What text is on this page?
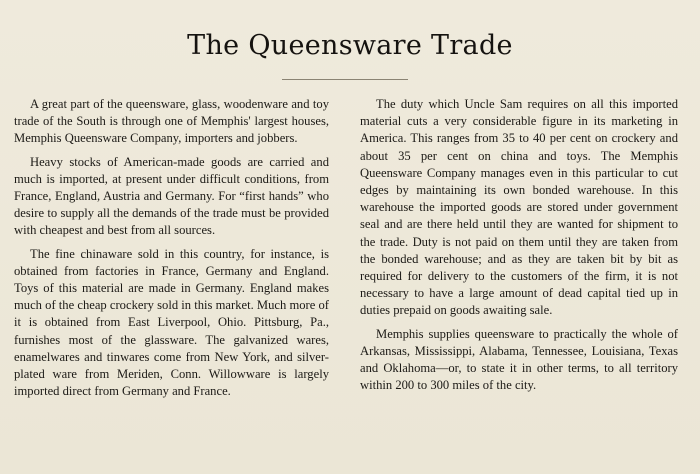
The Queensware Trade

A great part of the queensware, glass, woodenware and toy trade of the South is through one of Memphis' largest houses, Memphis Queensware Company, importers and jobbers.

Heavy stocks of American-made goods are carried and much is imported, at present under difficult conditions, from France, England, Austria and Germany. For “first hands” who desire to supply all the demands of the trade must be provided with cheapest and best from all sources.

The fine chinaware sold in this country, for instance, is obtained from factories in France, Germany and England. Toys of this material are made in Germany. England makes much of the cheap crockery sold in this market. Much more of it is obtained from East Liverpool, Ohio. Pittsburg, Pa., furnishes most of the glassware. The galvanized wares, enamelwares and tinwares come from New York, and silver-plated ware from Meriden, Conn. Willowware is largely imported direct from Germany and France.

The duty which Uncle Sam requires on all this imported material cuts a very considerable figure in its marketing in America. This ranges from 35 to 40 per cent on crockery and about 35 per cent on china and toys. The Memphis Queensware Company manages even in this particular to cut edges by maintaining its own bonded warehouse. In this warehouse the imported goods are stored under government seal and are there held until they are wanted for shipment to the trade. Duty is not paid on them until they are taken from the bonded warehouse; and as they are taken bit by bit as required for delivery to the customers of the firm, it is not necessary to have a large amount of dead capital tied up in duties prepaid on goods awaiting sale.

Memphis supplies queensware to practically the whole of Arkansas, Mississippi, Alabama, Tennessee, Louisiana, Texas and Oklahoma—or, to state it in other terms, to all territory within 200 to 300 miles of the city.
